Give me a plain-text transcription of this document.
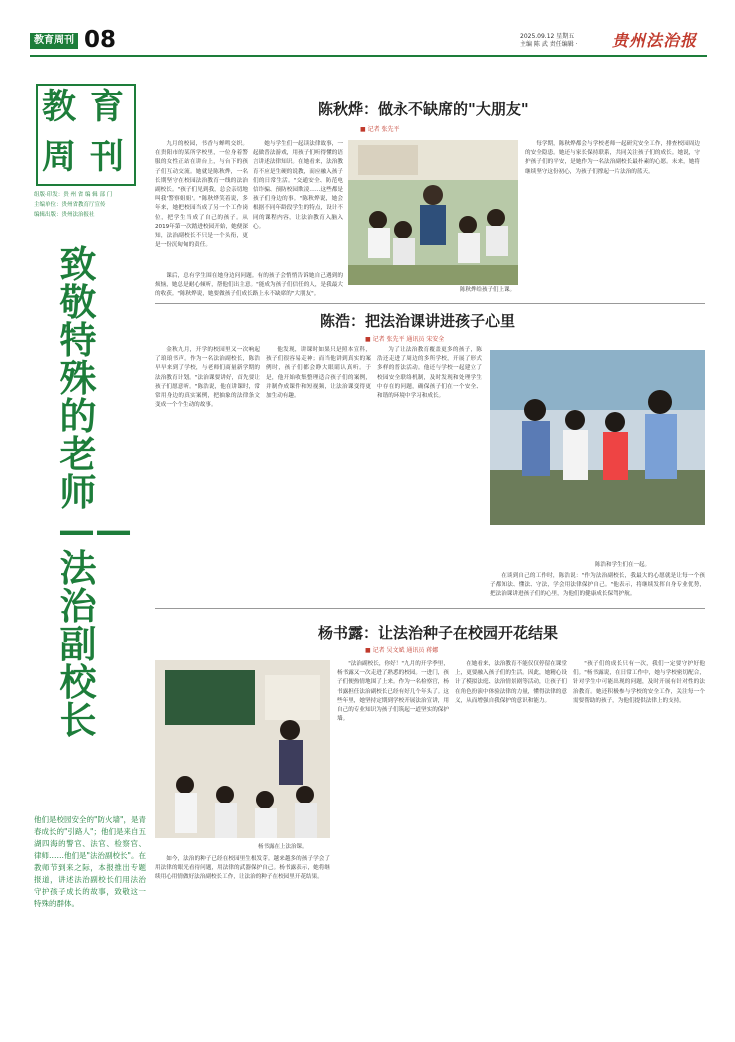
教育周刊 08	2025.09.12 星期五
主编 陈 武 责任编辑 ·	贵州法治报
教 育
周 刊
组版·印发：贵 州 省 编 辑 部 门
主编单位：贵州省教育厅宣传
编辑出版：贵州法治报社
致敬特殊的老师——法治副校长
他们是校园安全的"防火墙"，是青春成长的"引路人"；他们是来自五湖四海的警官、法官、检察官、律师……他们是"法治副校长"。在教师节到来之际，本报推出专题报道，讲述法治副校长们用法治守护孩子成长的故事，致敬这一特殊的群体。
陈秋烨：做永不缺席的"大朋友"
■ 记者 张先平

九月的校园，书香与蝉鸣交织。在贵阳市的某所学校里，一位身着警服的女性正站在讲台上，与台下的孩子们互动交流。她就是陈秋烨，一名长期坚守在校园法治教育一线的法治副校长。"孩子们见到我，总会亲切地叫我'警察姐姐'。"陈秋烨笑着说，多年来，她把校园当成了另一个工作岗位，把学生当成了自己的孩子。从2019年第一次踏进校园开始，她便深知，法治副校长不只是一个头衔，更是一份沉甸甸的责任。

她与学生们一起读法律故事，一起做普法游戏，用孩子们听得懂的语言讲述法律知识。在她看来，法治教育不应是生硬的说教，而应融入孩子们的日常生活。"交通安全、防范电信诈骗、预防校园欺凌……这些都是孩子们身边的事。"陈秋烨说，她会根据不同年龄段学生的特点，设计不同的课程内容，让法治教育入脑入心。

陈秋烨给孩子们上课。

课后，总有学生围在她身边问问题。有的孩子会悄悄告诉她自己遇到的烦恼，她总是耐心倾听，帮他们出主意。"能成为孩子们信任的人，是我最大的收获。"陈秋烨说，她要做孩子们成长路上永不缺席的"大朋友"。

每学期，陈秋烨都会与学校老师一起研究安全工作，排查校园周边的安全隐患。她还与家长保持联系，共同关注孩子们的成长。她说，守护孩子们的平安，是她作为一名法治副校长最朴素的心愿。未来，她将继续坚守这份初心，为孩子们撑起一片法治的蓝天。

陈浩：把法治课讲进孩子心里
■ 记者 张先平 通讯员 宋安全

金秋九月，开学的校园里又一次响起了琅琅书声。作为一名法治副校长，陈浩早早来到了学校，与老师们商量新学期的法治教育计划。"法治课要讲好，首先要让孩子们愿意听。"陈浩说，他在讲课时，常常用身边的真实案例，把抽象的法律条文变成一个个生动的故事。

他发现，讲课时如果只是照本宣科，孩子们很容易走神；而当他讲到真实的案例时，孩子们都会睁大眼睛认真听。于是，他开始收集整理适合孩子们的案例，并制作成课件和短视频，让法治课变得更加生动有趣。

为了让法治教育覆盖更多的孩子，陈浩还走进了周边的多所学校，开展了形式多样的普法活动。他还与学校一起建立了校园安全联络机制，及时发现和处理学生中存在的问题，确保孩子们在一个安全、和谐的环境中学习和成长。

陈浩和学生们在一起。

在谈到自己的工作时，陈浩说："作为法治副校长，我最大的心愿就是让每一个孩子都知法、懂法、守法，学会用法律保护自己。"他表示，将继续发挥自身专业优势，把法治课讲进孩子们的心里，为他们的健康成长保驾护航。

杨书露：让法治种子在校园开花结果
■ 记者 吴文斌 通讯员 蒋娜
杨书露在上法治课。

"法治副校长，你好！"九月的开学季里，杨书露又一次走进了熟悉的校园。一进门，孩子们便热情地围了上来。作为一名检察官，杨书露担任法治副校长已经有好几个年头了。这些年里，她坚持定期到学校开展法治宣讲，用自己的专业知识为孩子们筑起一道坚实的保护墙。

在她看来，法治教育不能仅仅停留在课堂上，更要融入孩子们的生活。因此，她精心设计了模拟法庭、法治情景剧等活动，让孩子们在角色扮演中体验法律的力量，懂得法律的意义，从而增强自我保护的意识和能力。

"孩子们的成长只有一次，我们一定要守护好他们。"杨书露说，在日常工作中，她与学校密切配合，针对学生中可能出现的问题，及时开展有针对性的法治教育。她还积极参与学校的安全工作，关注每一个需要帮助的孩子，为他们提供法律上的支持。

如今，法治的种子已经在校园里生根发芽。越来越多的孩子学会了用法律的眼光看待问题，用法律的武器保护自己。杨书露表示，她将继续用心用情做好法治副校长工作，让法治的种子在校园里开花结果。
